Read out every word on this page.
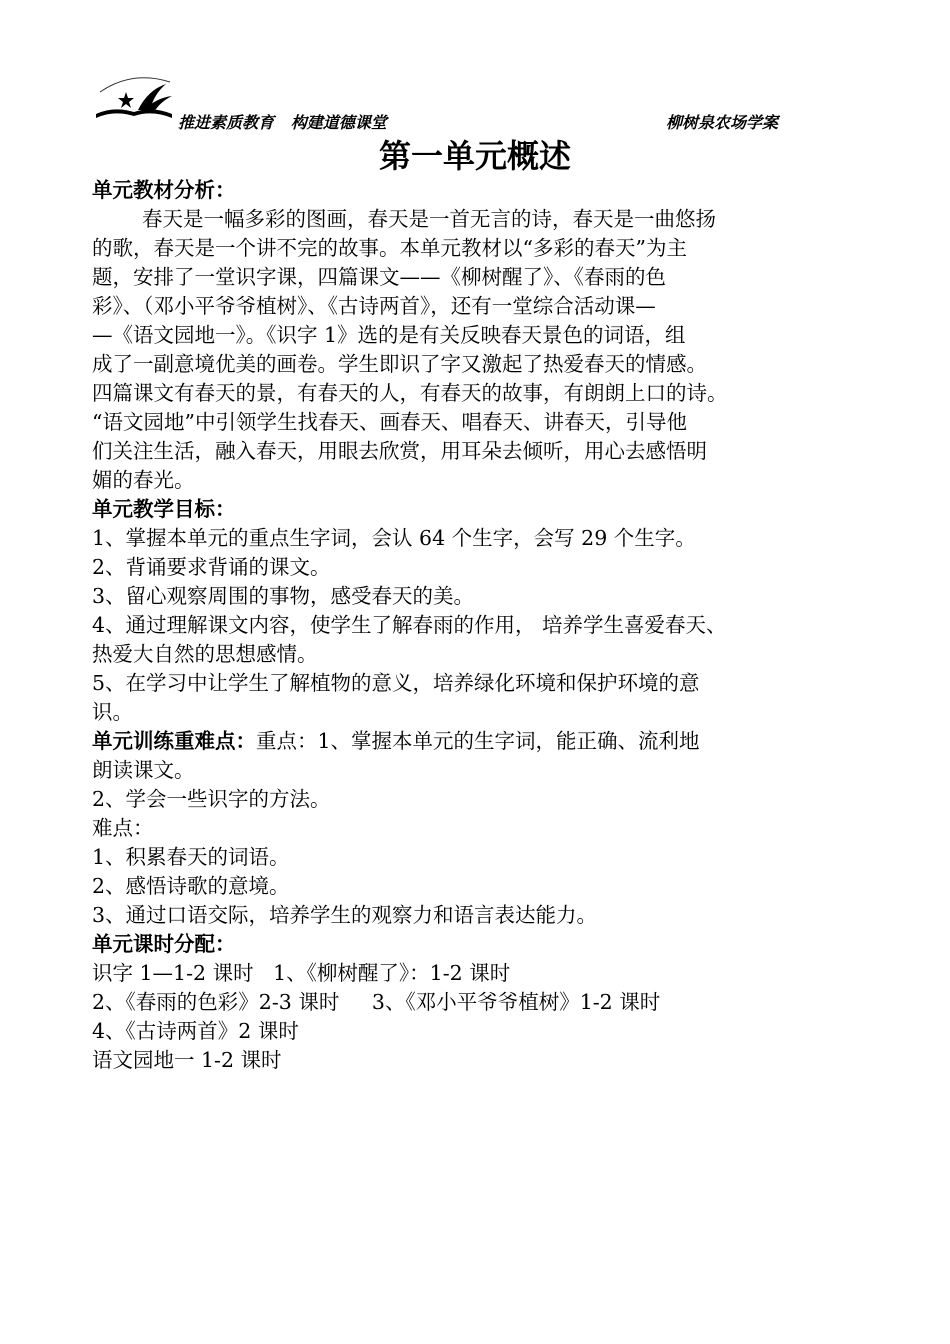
推进素质教育   构建道德课堂	柳树泉农场学案
第一单元概述
单元教材分析：
春天是一幅多彩的图画，春天是一首无言的诗，春天是一曲悠扬
的歌，春天是一个讲不完的故事。本单元教材以“多彩的春天”为主
题，安排了一堂识字课，四篇课文——《柳树醒了》、《春雨的色
彩》、（邓小平爷爷植树》、《古诗两首》，还有一堂综合活动课—
—《语文园地一》。《识字 1》选的是有关反映春天景色的词语，组
成了一副意境优美的画卷。学生即识了字又激起了热爱春天的情感。
四篇课文有春天的景，有春天的人，有春天的故事，有朗朗上口的诗。
“语文园地”中引领学生找春天、画春天、唱春天、讲春天，引导他
们关注生活，融入春天，用眼去欣赏，用耳朵去倾听，用心去感悟明
媚的春光。
单元教学目标：
1、掌握本单元的重点生字词，会认 64 个生字，会写 29 个生字。
2、背诵要求背诵的课文。
3、留心观察周围的事物，感受春天的美。
4、通过理解课文内容，使学生了解春雨的作用， 培养学生喜爱春天、
热爱大自然的思想感情。
5、在学习中让学生了解植物的意义，培养绿化环境和保护环境的意
识。
单元训练重难点：重点：1、掌握本单元的生字词，能正确、流利地
朗读课文。
2、学会一些识字的方法。
难点：
1、积累春天的词语。
2、感悟诗歌的意境。
3、通过口语交际，培养学生的观察力和语言表达能力。
单元课时分配：
识字 1—1-2 课时   1、《柳树醒了》：1-2 课时
2、《春雨的色彩》2-3 课时     3、《邓小平爷爷植树》1-2 课时
4、《古诗两首》2 课时
语文园地一 1-2 课时
